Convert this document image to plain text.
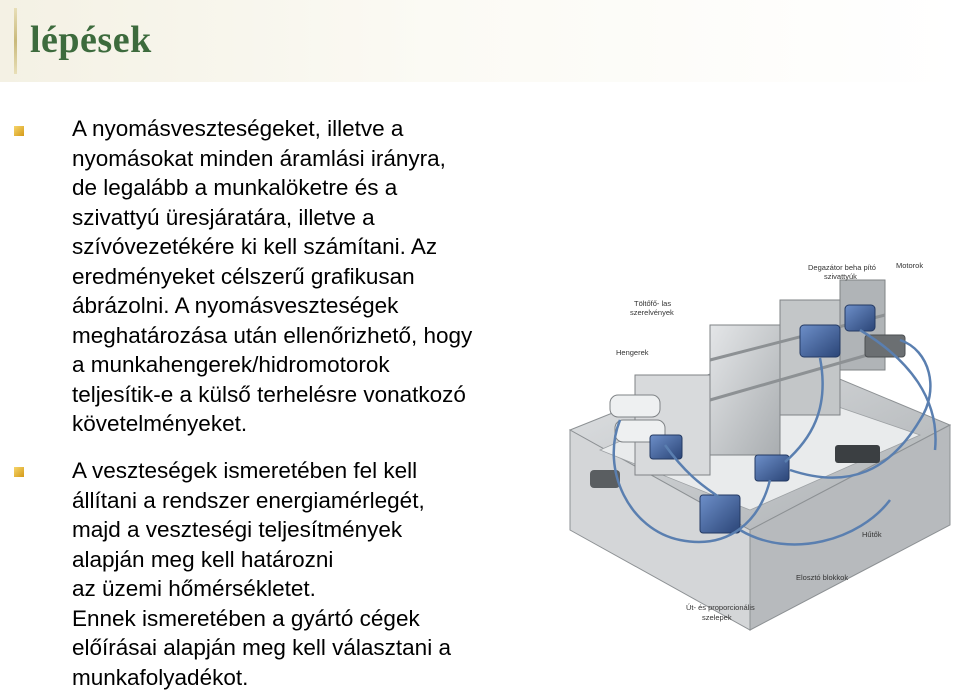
lépések

A nyomásveszteségeket, illetve a
nyomásokat minden áramlási irányra,
de legalább a munkalöketre és a
szivattyú üresjáratára, illetve a
szívóvezetékére ki kell számítani. Az
eredményeket célszerű grafikusan
ábrázolni. A nyomásveszteségek
meghatározása után ellenőrizhető, hogy
a munkahengerek/hidromotorok
teljesítik-e a külső terhelésre vonatkozó
követelményeket.

A veszteségek ismeretében fel kell
állítani a rendszer energiamérlegét,
majd a veszteségi teljesítmények
alapján meg kell határozni
az üzemi hőmérsékletet.
Ennek ismeretében a gyártó cégek
előírásai alapján meg kell választani a
munkafolyadékot.

Degazátor beha pító
szivattyúk
Motorok
Töltőfő- las
szerelvények
Hengerek
Hűtők
Elosztó blokkok
Út- és proporcionális
szelepek
